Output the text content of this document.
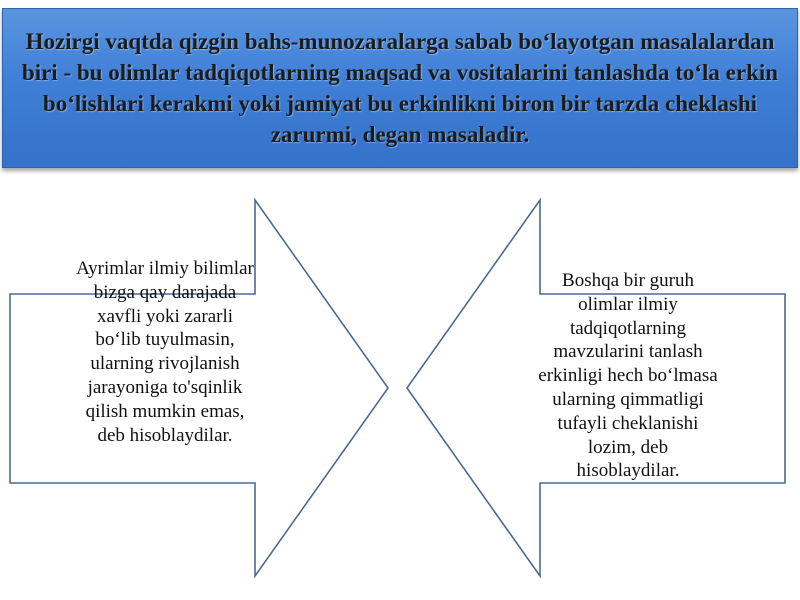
Hozirgi vaqtda qizgin bahs-munozaralarga sabab bo‘layotgan masalalardan biri - bu olimlar tadqiqotlarning maqsad va vositalarini tanlashda to‘la erkin bo‘lishlari kerakmi yoki jamiyat bu erkinlikni biron bir tarzda cheklashi zarurmi, degan masaladir.

Ayrimlar ilmiy bilimlar bizga qay darajada xavfli yoki zararli bo‘lib tuyulmasin, ularning rivojlanish jarayoniga to'sqinlik qilish mumkin emas, deb hisoblaydilar.

Boshqa bir guruh olimlar ilmiy tadqiqotlarning mavzularini tanlash erkinligi hech bo‘lmasa ularning qimmatligi tufayli cheklanishi lozim, deb hisoblaydilar.
